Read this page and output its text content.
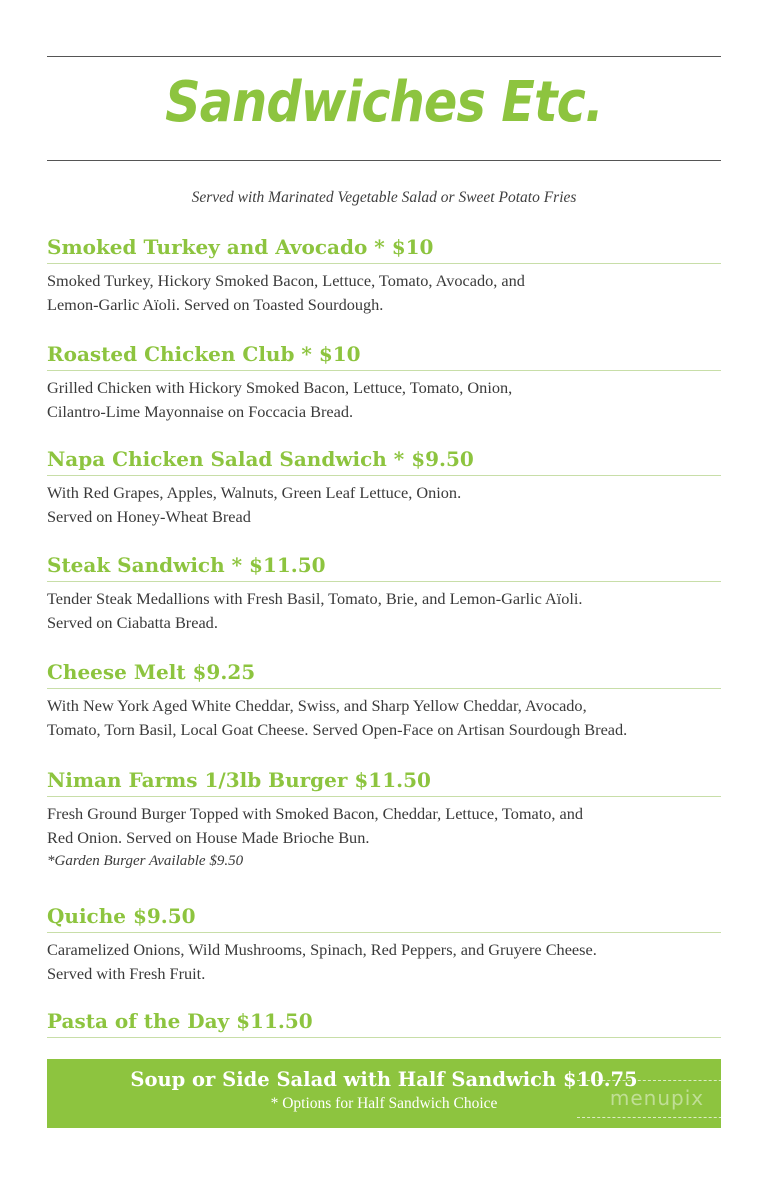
Sandwiches Etc.
Served with Marinated Vegetable Salad or Sweet Potato Fries
Smoked Turkey and Avocado * $10
Smoked Turkey, Hickory Smoked Bacon, Lettuce, Tomato, Avocado, and
Lemon-Garlic Aïoli. Served on Toasted Sourdough.
Roasted Chicken Club * $10
Grilled Chicken with Hickory Smoked Bacon, Lettuce, Tomato, Onion,
Cilantro-Lime Mayonnaise on Foccacia Bread.
Napa Chicken Salad Sandwich * $9.50
With Red Grapes, Apples, Walnuts, Green Leaf Lettuce, Onion.
Served on Honey-Wheat Bread
Steak Sandwich * $11.50
Tender Steak Medallions with Fresh Basil, Tomato, Brie, and Lemon-Garlic Aïoli.
Served on Ciabatta Bread.
Cheese Melt $9.25
With New York Aged White Cheddar, Swiss, and Sharp Yellow Cheddar, Avocado,
Tomato, Torn Basil, Local Goat Cheese. Served Open-Face on Artisan Sourdough Bread.
Niman Farms 1/3lb Burger $11.50
Fresh Ground Burger Topped with Smoked Bacon, Cheddar, Lettuce, Tomato, and
Red Onion. Served on House Made Brioche Bun.
*Garden Burger Available $9.50
Quiche $9.50
Caramelized Onions, Wild Mushrooms, Spinach, Red Peppers, and Gruyere Cheese.
Served with Fresh Fruit.
Pasta of the Day $11.50
Soup or Side Salad with Half Sandwich $10.75
* Options for Half Sandwich Choice	menupix
